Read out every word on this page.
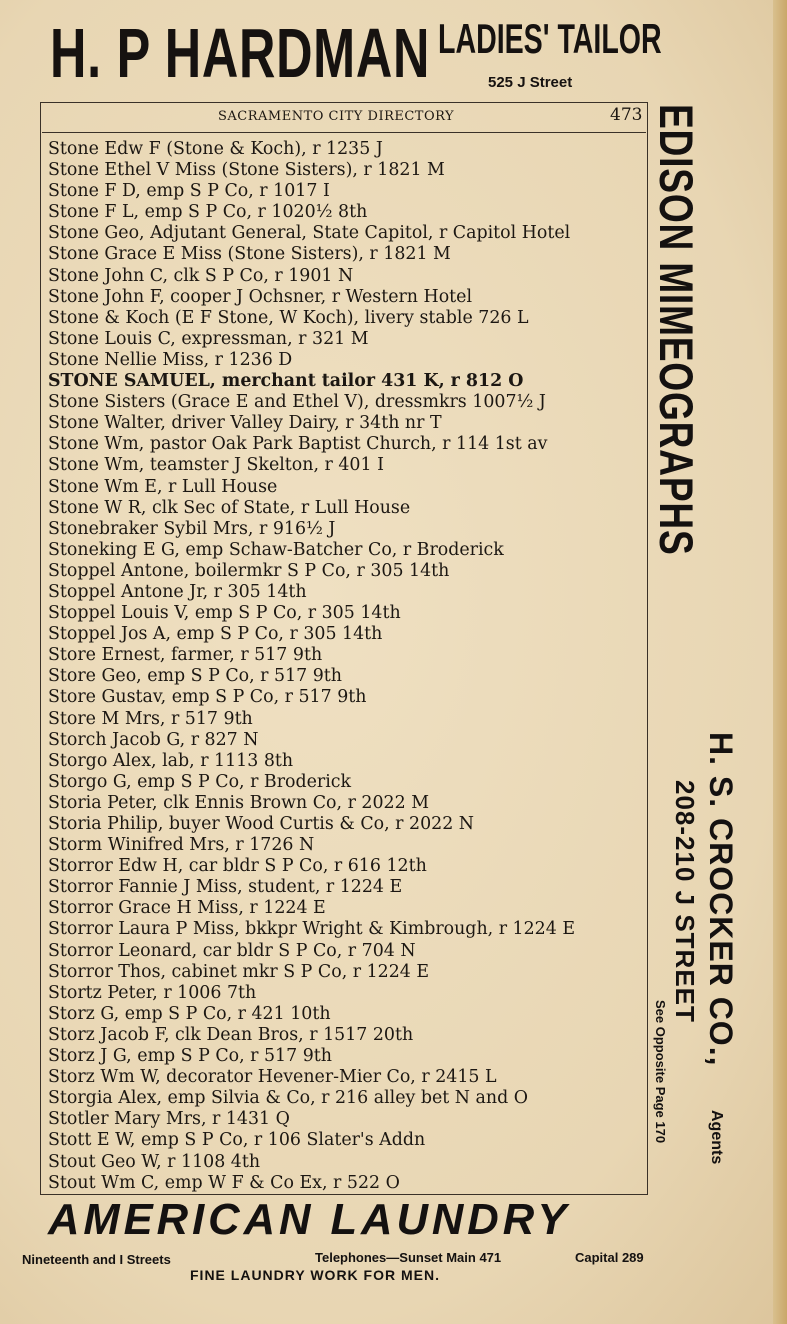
H. P HARDMAN LADIES' TAILOR
525 J Street
SACRAMENTO CITY DIRECTORY	473
Stone Edw F (Stone & Koch), r 1235 J
Stone Ethel V Miss (Stone Sisters), r 1821 M
Stone F D, emp S P Co, r 1017 I
Stone F L, emp S P Co, r 1020½ 8th
Stone Geo, Adjutant General, State Capitol, r Capitol Hotel
Stone Grace E Miss (Stone Sisters), r 1821 M
Stone John C, clk S P Co, r 1901 N
Stone John F, cooper J Ochsner, r Western Hotel
Stone & Koch (E F Stone, W Koch), livery stable 726 L
Stone Louis C, expressman, r 321 M
Stone Nellie Miss, r 1236 D
STONE SAMUEL, merchant tailor 431 K, r 812 O
Stone Sisters (Grace E and Ethel V), dressmkrs 1007½ J
Stone Walter, driver Valley Dairy, r 34th nr T
Stone Wm, pastor Oak Park Baptist Church, r 114 1st av
Stone Wm, teamster J Skelton, r 401 I
Stone Wm E, r Lull House
Stone W R, clk Sec of State, r Lull House
Stonebraker Sybil Mrs, r 916½ J
Stoneking E G, emp Schaw-Batcher Co, r Broderick
Stoppel Antone, boilermkr S P Co, r 305 14th
Stoppel Antone Jr, r 305 14th
Stoppel Louis V, emp S P Co, r 305 14th
Stoppel Jos A, emp S P Co, r 305 14th
Store Ernest, farmer, r 517 9th
Store Geo, emp S P Co, r 517 9th
Store Gustav, emp S P Co, r 517 9th
Store M Mrs, r 517 9th
Storch Jacob G, r 827 N
Storgo Alex, lab, r 1113 8th
Storgo G, emp S P Co, r Broderick
Storia Peter, clk Ennis Brown Co, r 2022 M
Storia Philip, buyer Wood Curtis & Co, r 2022 N
Storm Winifred Mrs, r 1726 N
Storror Edw H, car bldr S P Co, r 616 12th
Storror Fannie J Miss, student, r 1224 E
Storror Grace H Miss, r 1224 E
Storror Laura P Miss, bkkpr Wright & Kimbrough, r 1224 E
Storror Leonard, car bldr S P Co, r 704 N
Storror Thos, cabinet mkr S P Co, r 1224 E
Stortz Peter, r 1006 7th
Storz G, emp S P Co, r 421 10th
Storz Jacob F, clk Dean Bros, r 1517 20th
Storz J G, emp S P Co, r 517 9th
Storz Wm W, decorator Hevener-Mier Co, r 2415 L
Storgia Alex, emp Silvia & Co, r 216 alley bet N and O
Stotler Mary Mrs, r 1431 Q
Stott E W, emp S P Co, r 106 Slater's Addn
Stout Geo W, r 1108 4th
Stout Wm C, emp W F & Co Ex, r 522 O
EDISON MIMEOGRAPHS
H. S. CROCKER CO.,
Agents
208-210 J STREET
See Opposite Page 170
AMERICAN LAUNDRY
Nineteenth and I Streets	Telephones—Sunset Main 471	Capital 289
FINE LAUNDRY WORK FOR MEN.
